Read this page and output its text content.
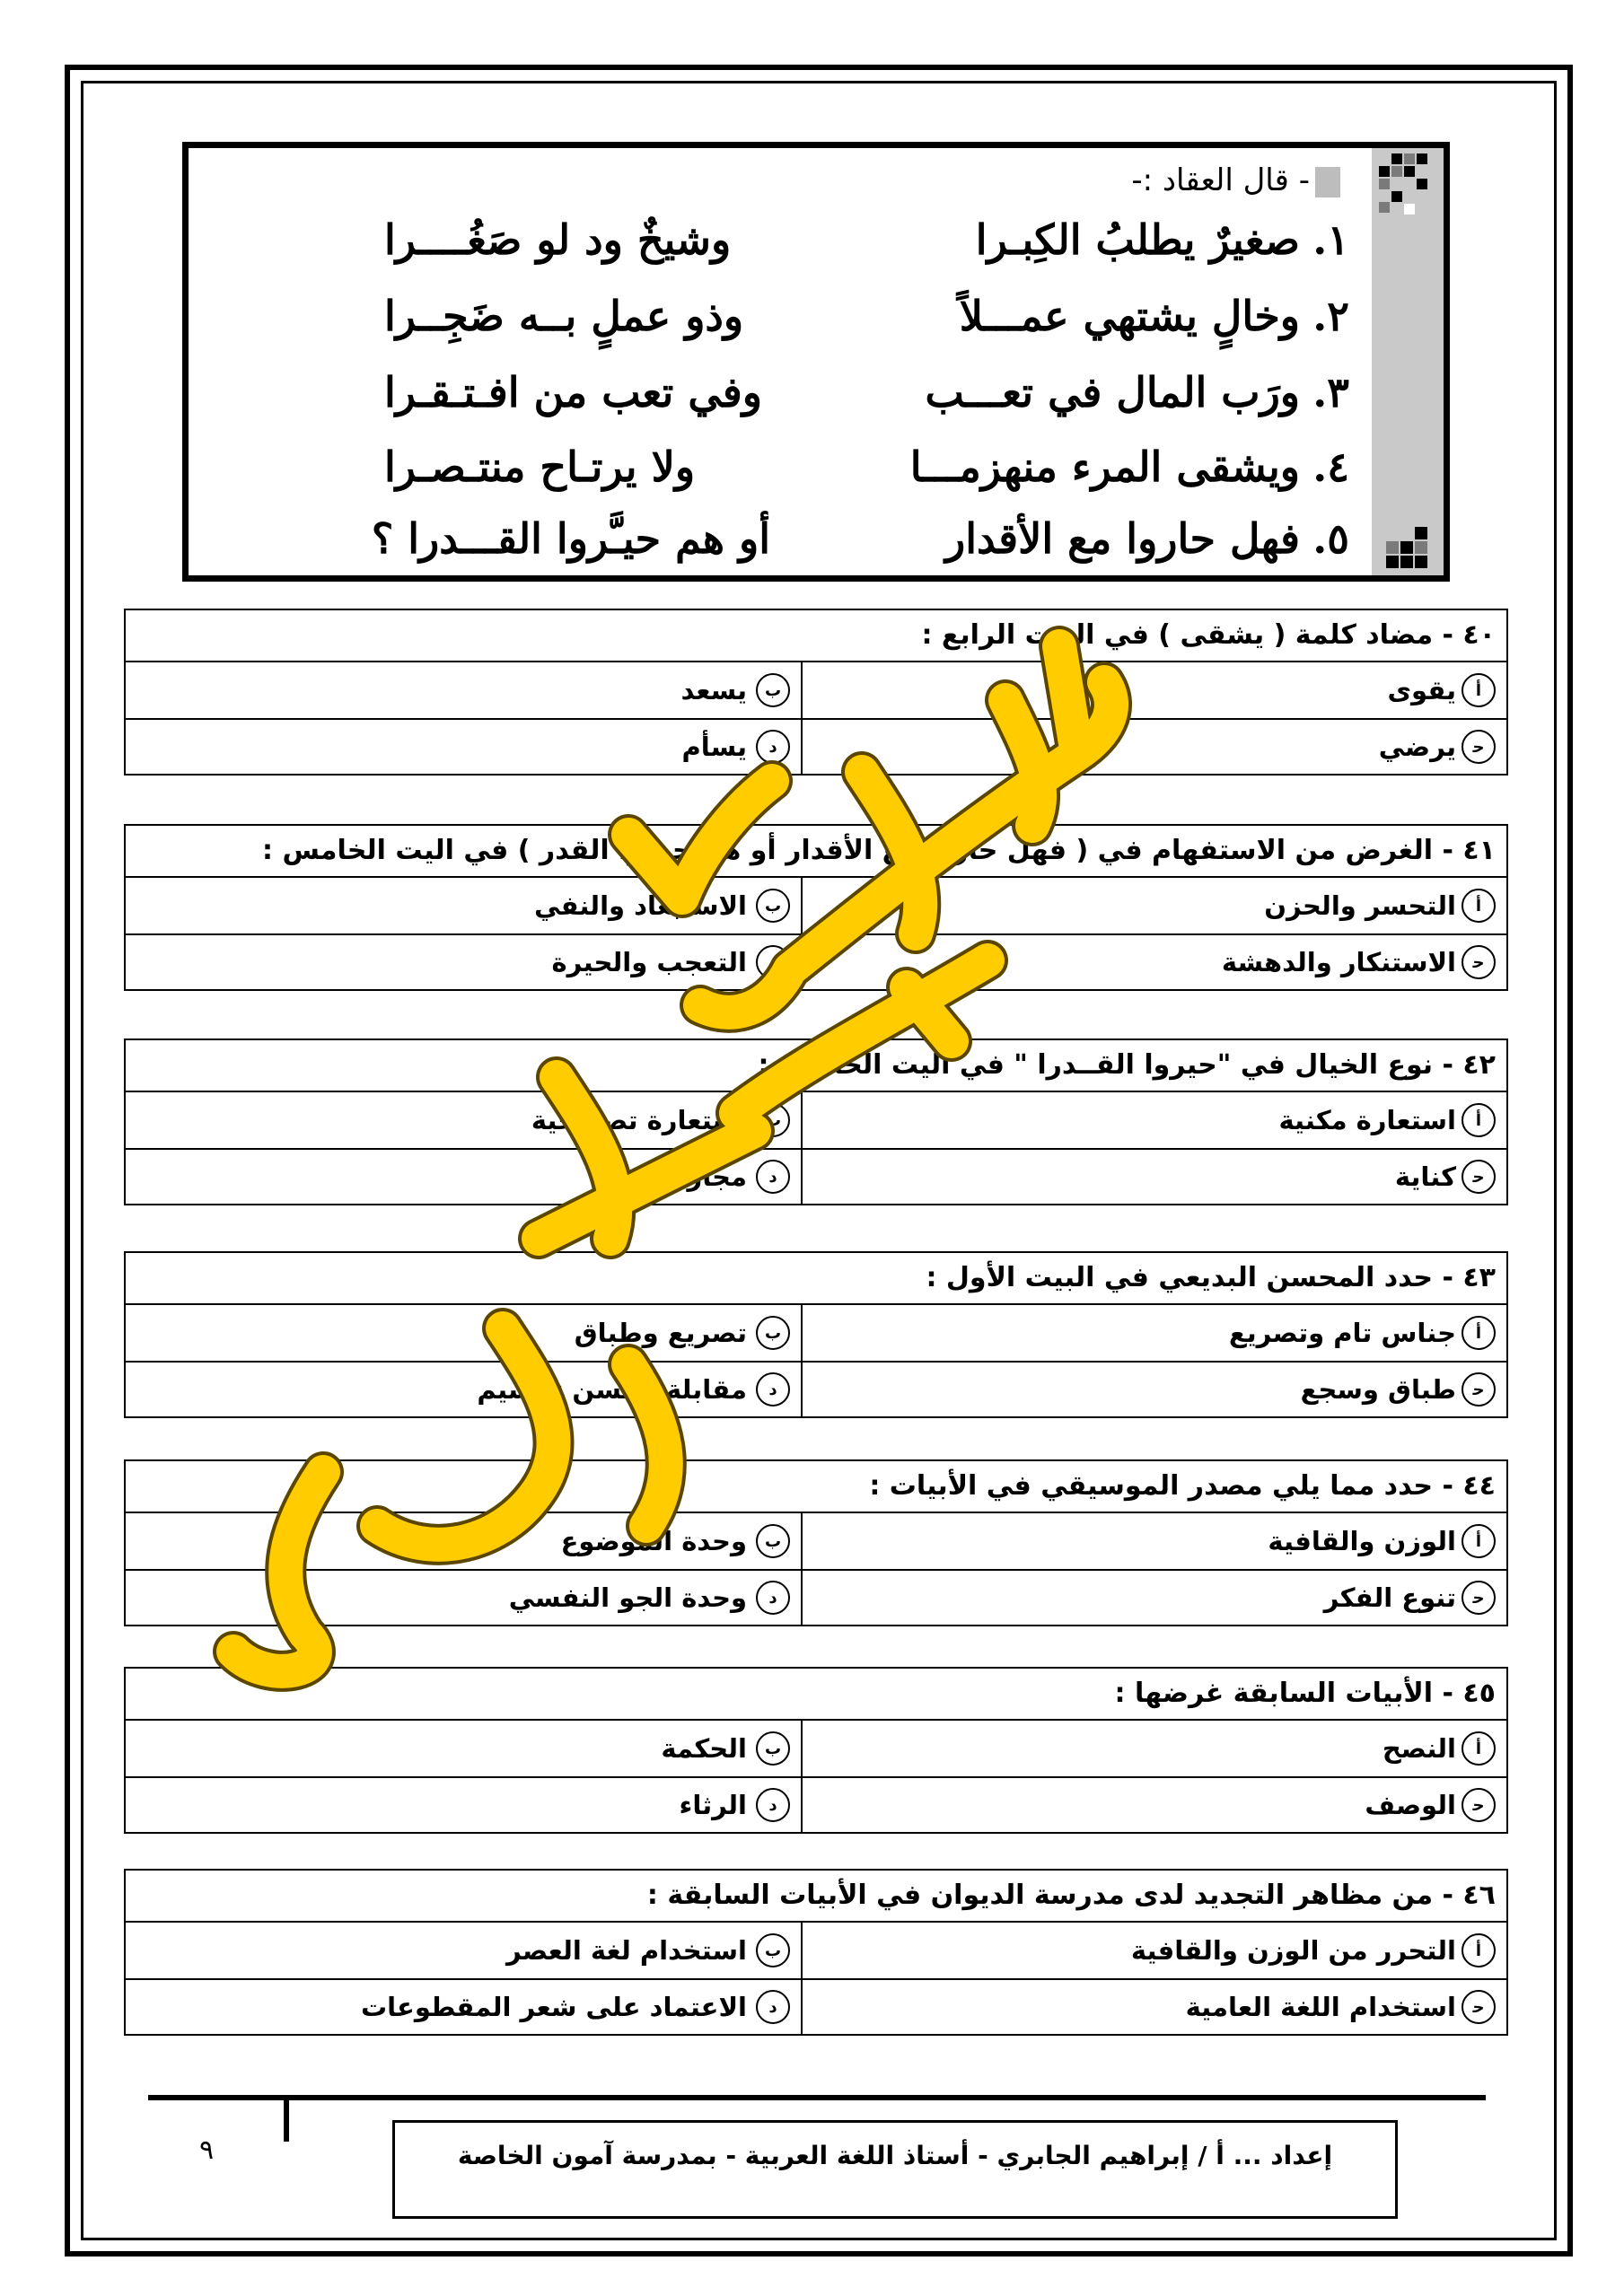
- قال العقاد :-
١.
صغيرٌ يطلبُ الكِبـرا
وشيخٌ ود لو صَغُــــرا
٢.
وخالٍ يشتهي عمـــلاً
وذو عملٍ بــه ضَجِــرا
٣.
ورَب المال في تعـــب
وفي تعب من افـتـقـرا
٤.
ويشقى المرء منهزمـــا
ولا يرتـاح منتـصـرا
٥.
فهل حاروا مع الأقدار
أو هم حيـَّروا القـــدرا ؟
٤٠ - مضاد كلمة ( يشقى ) في البيت الرابع :
أ
يقوى
ب
يسعد
ﺣ
يرضي
د
يسأم
٤١ - الغرض من الاستفهام في ( فهل حاروا مع الأقدار أو هم حيروا القدر ) في اليت الخامس :
أ
التحسر والحزن
ب
الاستبعاد والنفي
ﺣ
الاستنكار والدهشة
د
التعجب والحيرة
٤٢ - نوع الخيال في "حيروا القــدرا " في اليت الخامس :
أ
استعارة مكنية
ب
استعارة تصريحية
ﺣ
كناية
د
مجاز مرسل
٤٣ - حدد المحسن البديعي في البيت الأول :
أ
جناس تام وتصريع
ب
تصريع وطباق
ﺣ
طباق وسجع
د
مقابلة وحسن تقسيم
٤٤ - حدد مما يلي مصدر الموسيقي في الأبيات :
أ
الوزن والقافية
ب
وحدة الموضوع
ﺣ
تنوع الفكر
د
وحدة الجو النفسي
٤٥ - الأبيات السابقة غرضها :
أ
النصح
ب
الحكمة
ﺣ
الوصف
د
الرثاء
٤٦ - من مظاهر التجديد لدى مدرسة الديوان في الأبيات السابقة :
أ
التحرر من الوزن والقافية
ب
استخدام لغة العصر
ﺣ
استخدام اللغة العامية
د
الاعتماد على شعر المقطوعات
٩	إعداد ... أ / إبراهيم الجابري - أستاذ اللغة العربية - بمدرسة آمون الخاصة
